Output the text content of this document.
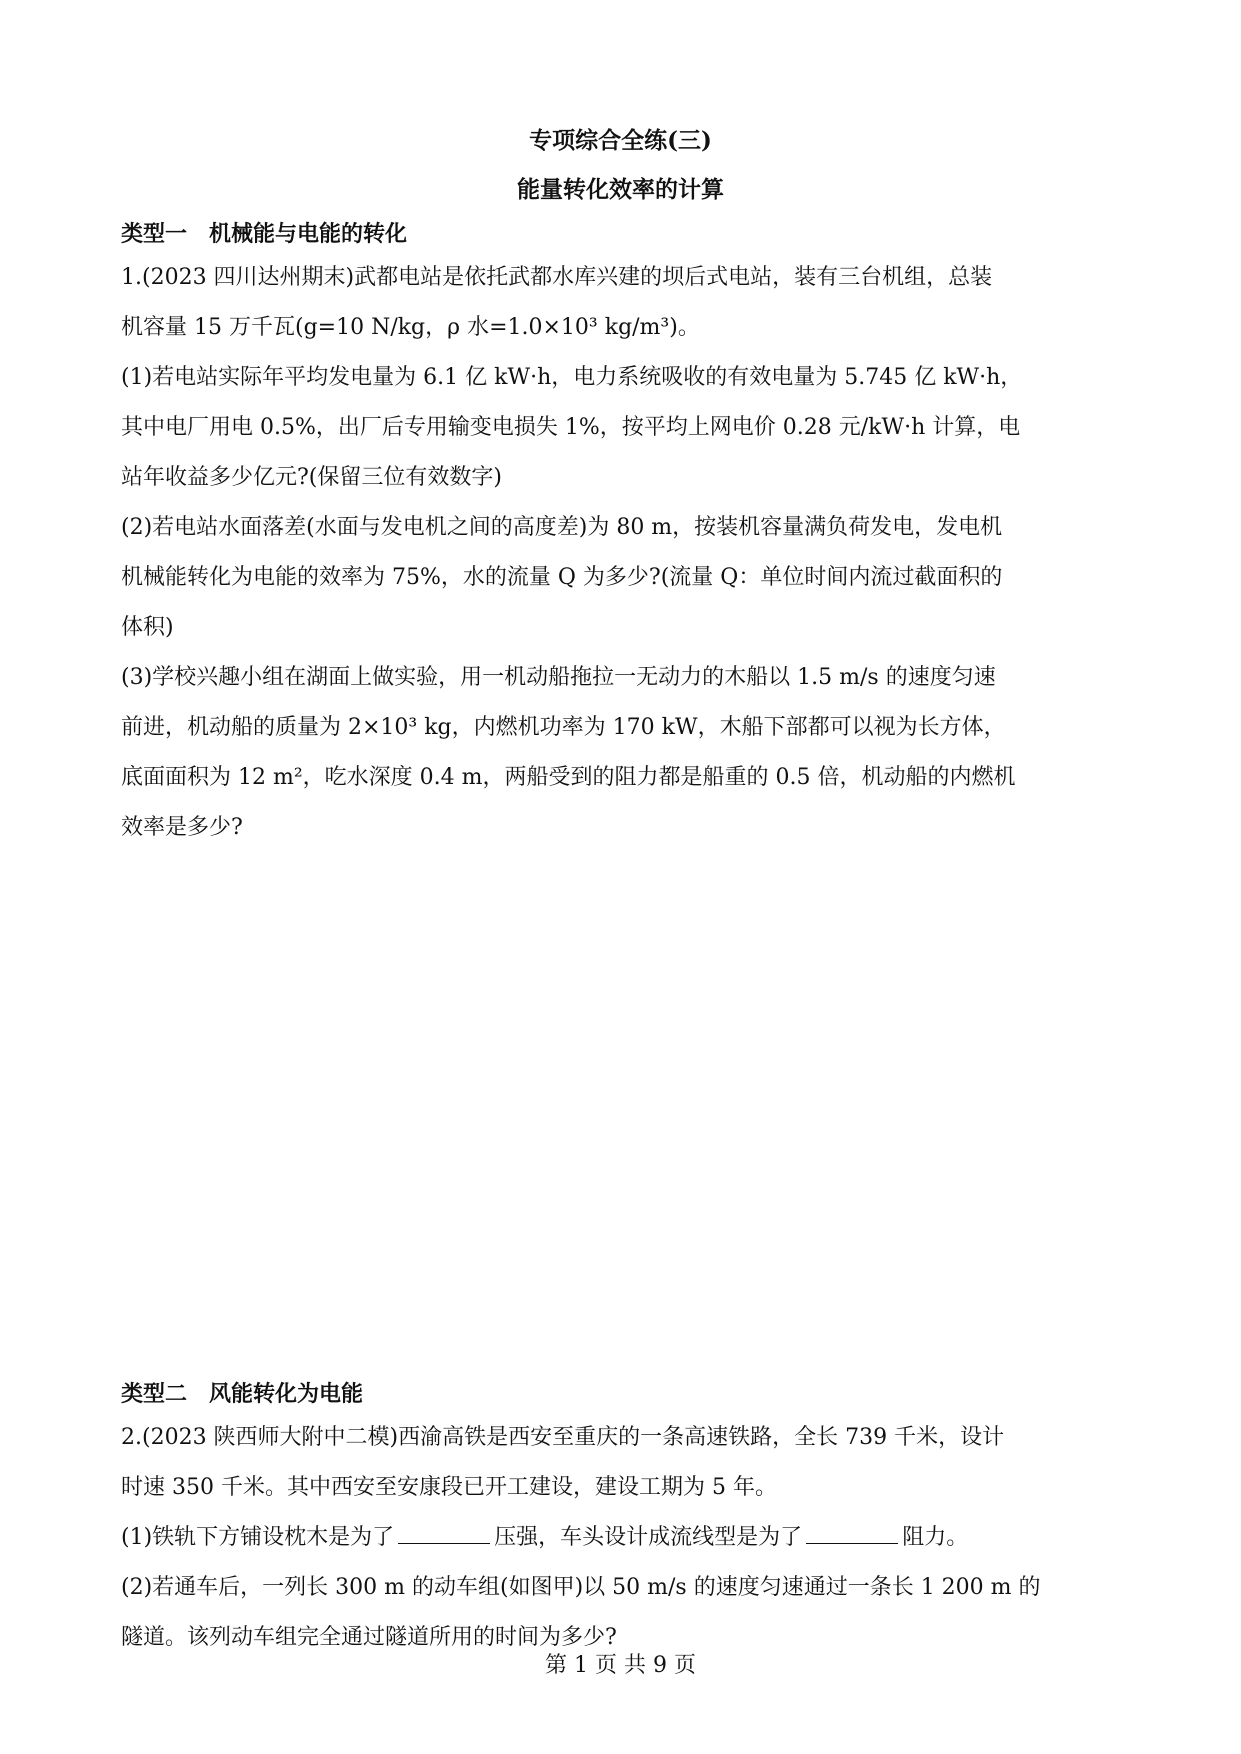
专项综合全练(三)
能量转化效率的计算
类型一　机械能与电能的转化
1.(2023 四川达州期末)武都电站是依托武都水库兴建的坝后式电站，装有三台机组，总装
机容量 15 万千瓦(g=10 N/kg，ρ 水=1.0×10³ kg/m³)。
(1)若电站实际年平均发电量为 6.1 亿 kW·h，电力系统吸收的有效电量为 5.745 亿 kW·h，
其中电厂用电 0.5%，出厂后专用输变电损失 1%，按平均上网电价 0.28 元/kW·h 计算，电
站年收益多少亿元?(保留三位有效数字)
(2)若电站水面落差(水面与发电机之间的高度差)为 80 m，按装机容量满负荷发电，发电机
机械能转化为电能的效率为 75%，水的流量 Q 为多少?(流量 Q：单位时间内流过截面积的
体积)
(3)学校兴趣小组在湖面上做实验，用一机动船拖拉一无动力的木船以 1.5 m/s 的速度匀速
前进，机动船的质量为 2×10³ kg，内燃机功率为 170 kW，木船下部都可以视为长方体，
底面面积为 12 m²，吃水深度 0.4 m，两船受到的阻力都是船重的 0.5 倍，机动船的内燃机
效率是多少?
类型二　风能转化为电能
2.(2023 陕西师大附中二模)西渝高铁是西安至重庆的一条高速铁路，全长 739 千米，设计
时速 350 千米。其中西安至安康段已开工建设，建设工期为 5 年。
(1)铁轨下方铺设枕木是为了	压强，车头设计成流线型是为了	阻力。
(2)若通车后，一列长 300 m 的动车组(如图甲)以 50 m/s 的速度匀速通过一条长 1 200 m 的
隧道。该列动车组完全通过隧道所用的时间为多少?
第 1 页 共 9 页
